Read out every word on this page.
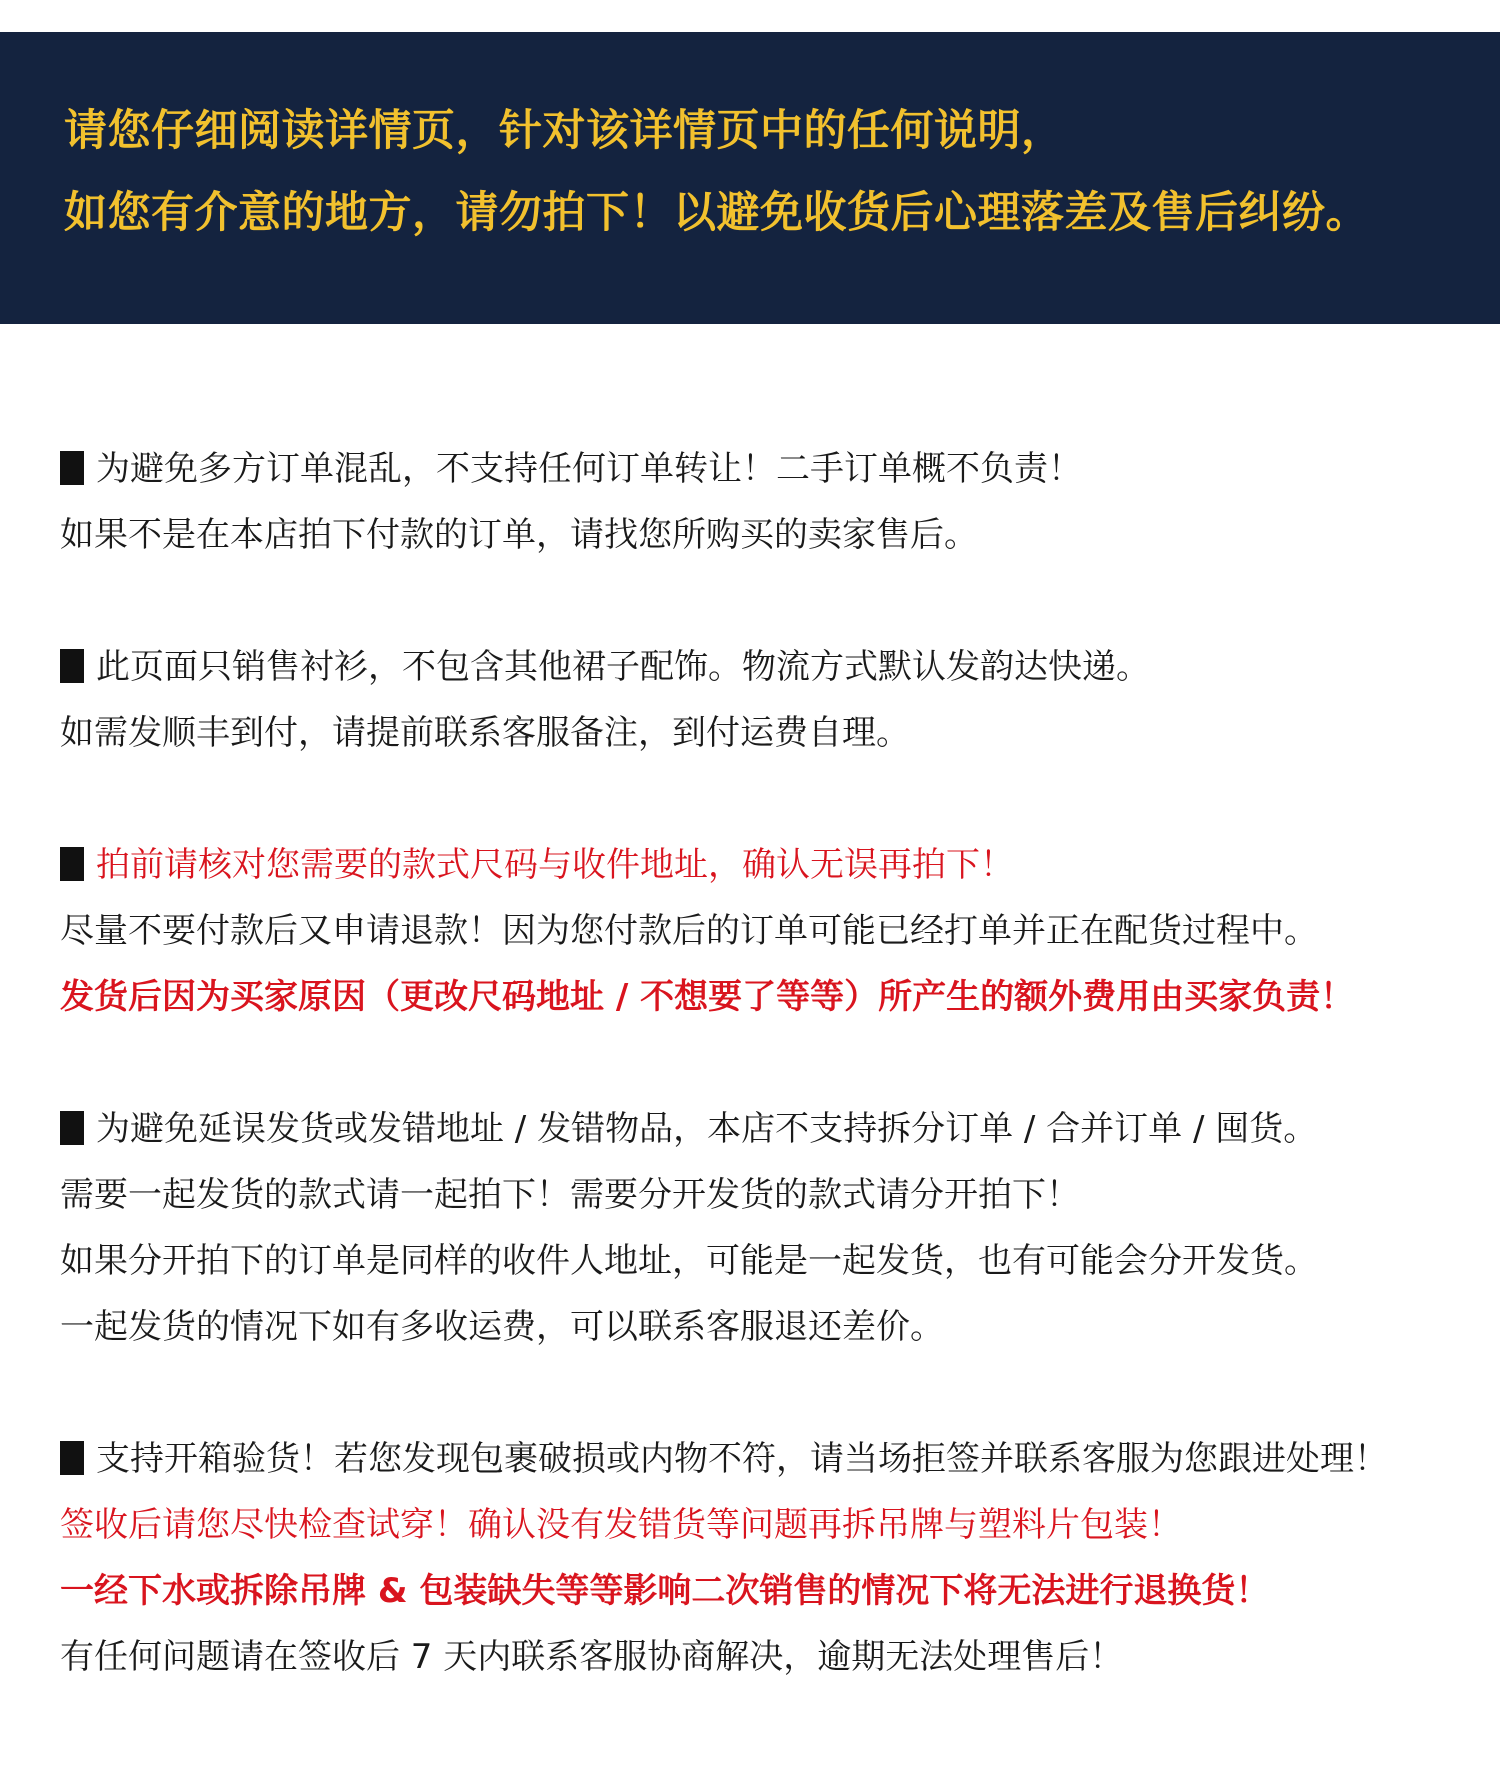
请您仔细阅读详情页，针对该详情页中的任何说明，
如您有介意的地方，请勿拍下！以避免收货后心理落差及售后纠纷。
为避免多方订单混乱，不支持任何订单转让！二手订单概不负责！
如果不是在本店拍下付款的订单，请找您所购买的卖家售后。
此页面只销售衬衫，不包含其他裙子配饰。物流方式默认发韵达快递。
如需发顺丰到付，请提前联系客服备注，到付运费自理。
拍前请核对您需要的款式尺码与收件地址，确认无误再拍下！
尽量不要付款后又申请退款！因为您付款后的订单可能已经打单并正在配货过程中。
发货后因为买家原因（更改尺码地址 / 不想要了等等）所产生的额外费用由买家负责！
为避免延误发货或发错地址 / 发错物品，本店不支持拆分订单 / 合并订单 / 囤货。
需要一起发货的款式请一起拍下！需要分开发货的款式请分开拍下！
如果分开拍下的订单是同样的收件人地址，可能是一起发货，也有可能会分开发货。
一起发货的情况下如有多收运费，可以联系客服退还差价。
支持开箱验货！若您发现包裹破损或内物不符，请当场拒签并联系客服为您跟进处理！
签收后请您尽快检查试穿！确认没有发错货等问题再拆吊牌与塑料片包装！
一经下水或拆除吊牌 & 包装缺失等等影响二次销售的情况下将无法进行退换货！
有任何问题请在签收后 7 天内联系客服协商解决，逾期无法处理售后！
